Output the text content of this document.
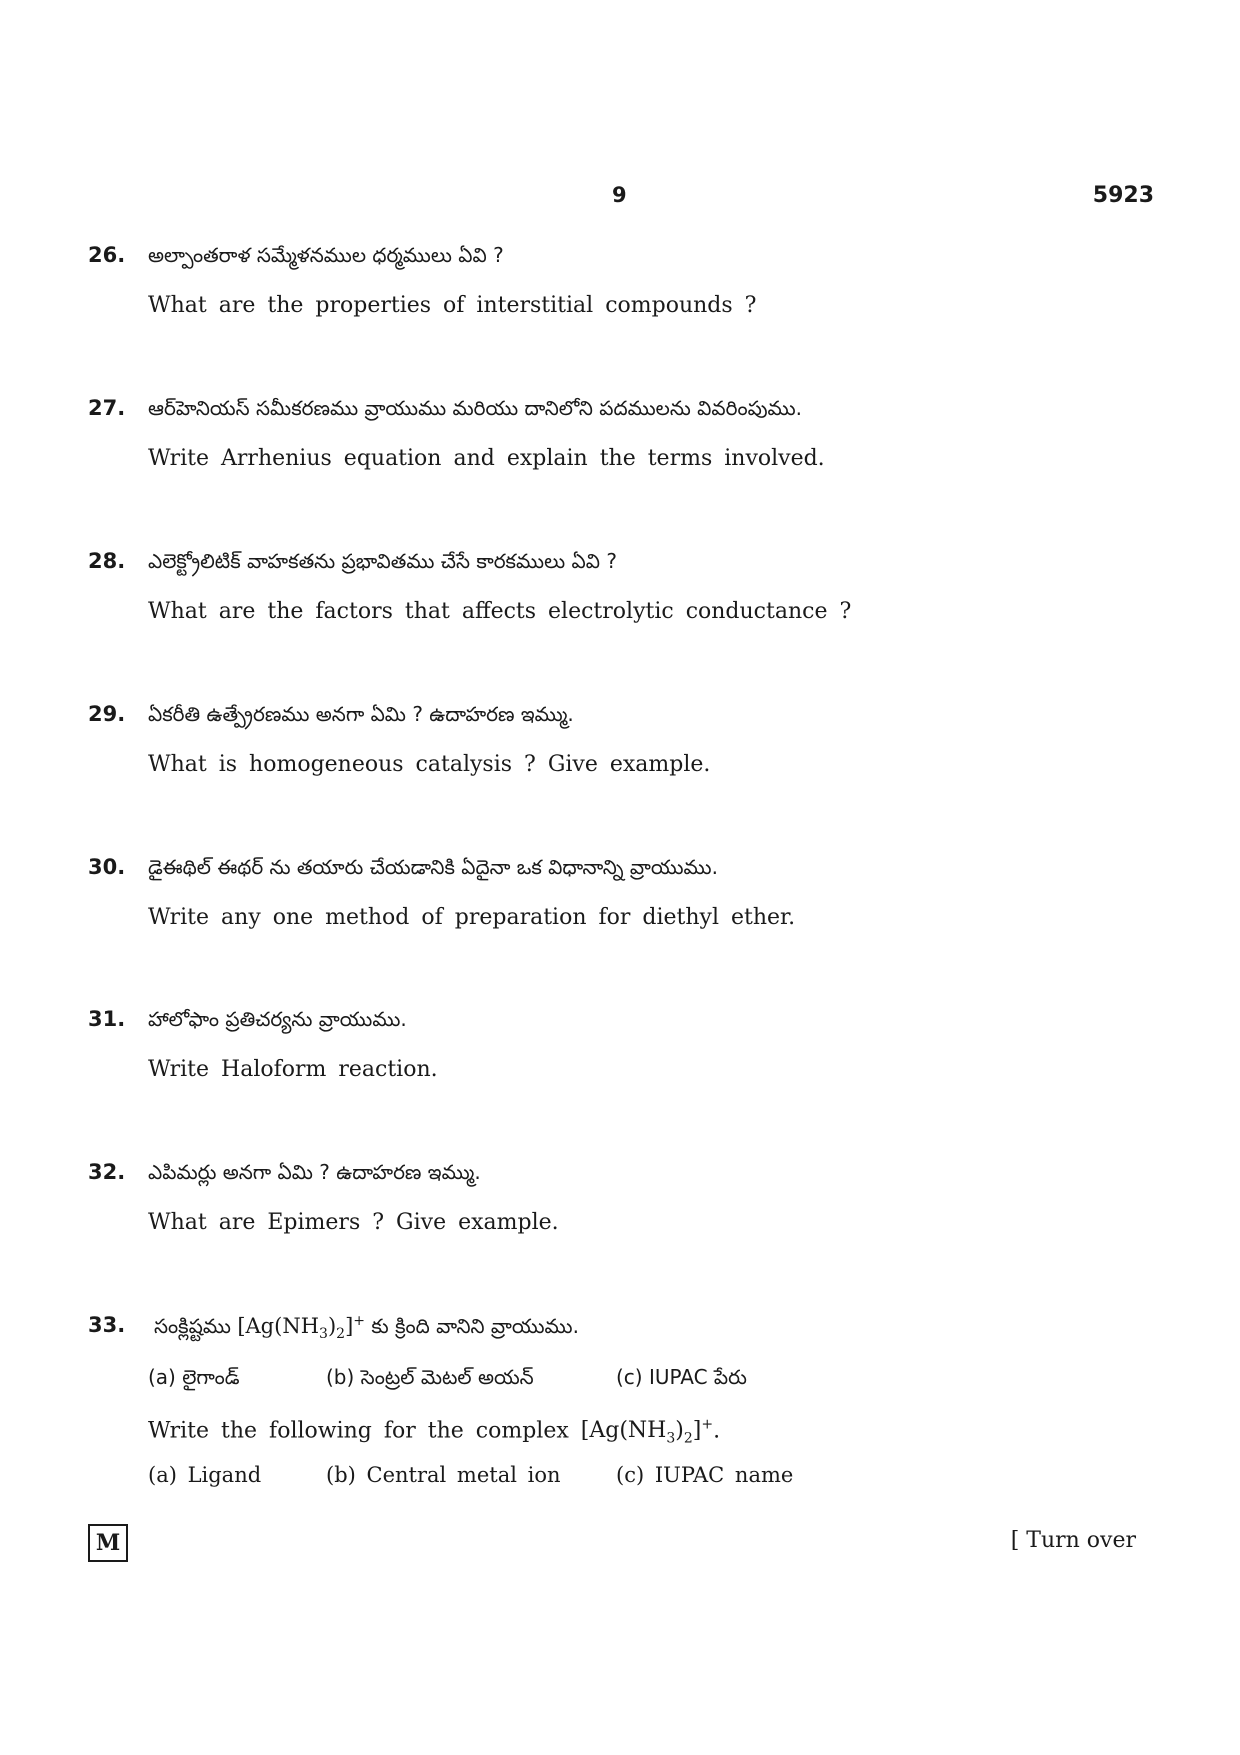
9	5923
26. అల్పాంతరాళ సమ్మేళనముల ధర్మములు ఏవి ?
What are the properties of interstitial compounds ?
27. ఆర్‌హెనియస్ సమీకరణము వ్రాయుము మరియు దానిలోని పదములను వివరింపుము.
Write Arrhenius equation and explain the terms involved.
28. ఎలెక్ట్రోలిటిక్ వాహకతను ప్రభావితము చేసే కారకములు ఏవి ?
What are the factors that affects electrolytic conductance ?
29. ఏకరీతి ఉత్ప్రేరణము అనగా ఏమి ? ఉదాహరణ ఇమ్ము.
What is homogeneous catalysis ? Give example.
30. డైఈథిల్ ఈథర్ ను తయారు చేయడానికి ఏదైనా ఒక విధానాన్ని వ్రాయుము.
Write any one method of preparation for diethyl ether.
31. హాలోఫాం ప్రతిచర్యను వ్రాయుము.
Write Haloform reaction.
32. ఎపిమర్లు అనగా ఏమి ? ఉదాహరణ ఇమ్ము.
What are Epimers ? Give example.
33. సంక్లిష్టము $[Ag(NH_3)_2]^+$ కు క్రింది వానిని వ్రాయుము.
(a) లైగాండ్	(b) సెంట్రల్ మెటల్ అయన్	(c) IUPAC పేరు
Write the following for the complex $[Ag(NH_3)_2]^+$.
(a) Ligand	(b) Central metal ion	(c) IUPAC name
M	[ Turn over
